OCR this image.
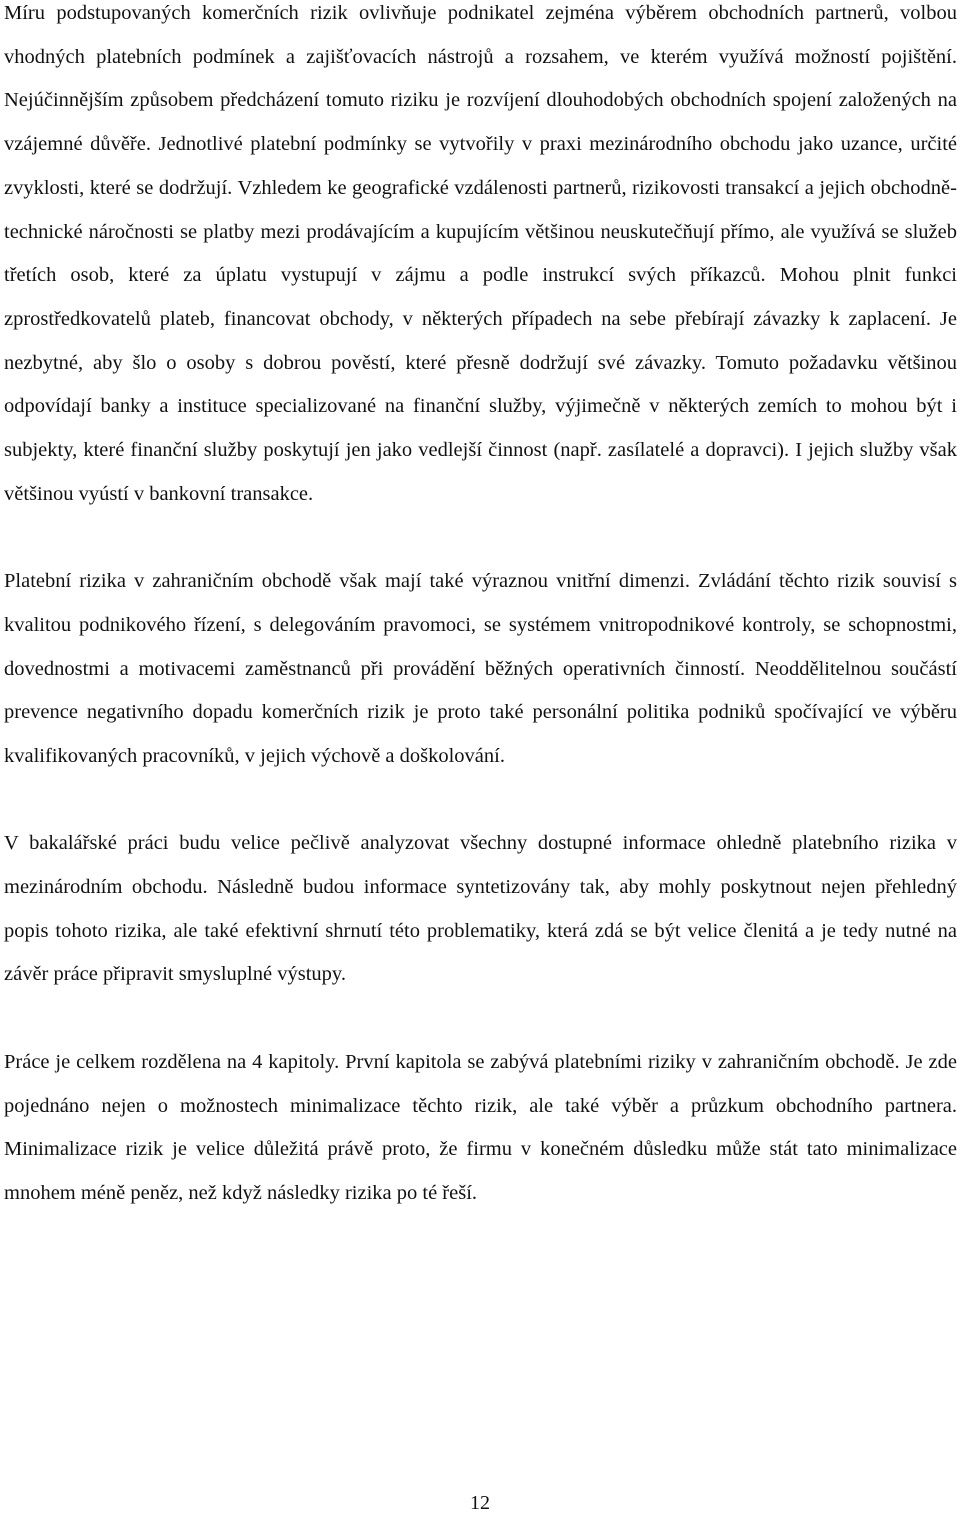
Míru podstupovaných komerčních rizik ovlivňuje podnikatel zejména výběrem obchodních partnerů, volbou vhodných platebních podmínek a zajišťovacích nástrojů a rozsahem, ve kterém využívá možností pojištění. Nejúčinnějším způsobem předcházení tomuto riziku je rozvíjení dlouhodobých obchodních spojení založených na vzájemné důvěře. Jednotlivé platební podmínky se vytvořily v praxi mezinárodního obchodu jako uzance, určité zvyklosti, které se dodržují. Vzhledem ke geografické vzdálenosti partnerů, rizikovosti transakcí a jejich obchodně-technické náročnosti se platby mezi prodávajícím a kupujícím většinou neuskutečňují přímo, ale využívá se služeb třetích osob, které za úplatu vystupují v zájmu a podle instrukcí svých příkazců. Mohou plnit funkci zprostředkovatelů plateb, financovat obchody, v některých případech na sebe přebírají závazky k zaplacení. Je nezbytné, aby šlo o osoby s dobrou pověstí, které přesně dodržují své závazky. Tomuto požadavku většinou odpovídají banky a instituce specializované na finanční služby, výjimečně v některých zemích to mohou být i subjekty, které finanční služby poskytují jen jako vedlejší činnost (např. zasílatelé a dopravci). I jejich služby však většinou vyústí v bankovní transakce.

Platební rizika v zahraničním obchodě však mají také výraznou vnitřní dimenzi. Zvládání těchto rizik souvisí s kvalitou podnikového řízení, s delegováním pravomoci, se systémem vnitropodnikové kontroly, se schopnostmi, dovednostmi a motivacemi zaměstnanců při provádění běžných operativních činností. Neoddělitelnou součástí prevence negativního dopadu komerčních rizik je proto také personální politika podniků spočívající ve výběru kvalifikovaných pracovníků, v jejich výchově a doškolování.

V bakalářské práci budu velice pečlivě analyzovat všechny dostupné informace ohledně platebního rizika v mezinárodním obchodu. Následně budou informace syntetizovány tak, aby mohly poskytnout nejen přehledný popis tohoto rizika, ale také efektivní shrnutí této problematiky, která zdá se být velice členitá a je tedy nutné na závěr práce připravit smysluplné výstupy.

Práce je celkem rozdělena na 4 kapitoly. První kapitola se zabývá platebními riziky v zahraničním obchodě. Je zde pojednáno nejen o možnostech minimalizace těchto rizik, ale také výběr a průzkum obchodního partnera. Minimalizace rizik je velice důležitá právě proto, že firmu v konečném důsledku může stát tato minimalizace mnohem méně peněz, než když následky rizika po té řeší.

12
